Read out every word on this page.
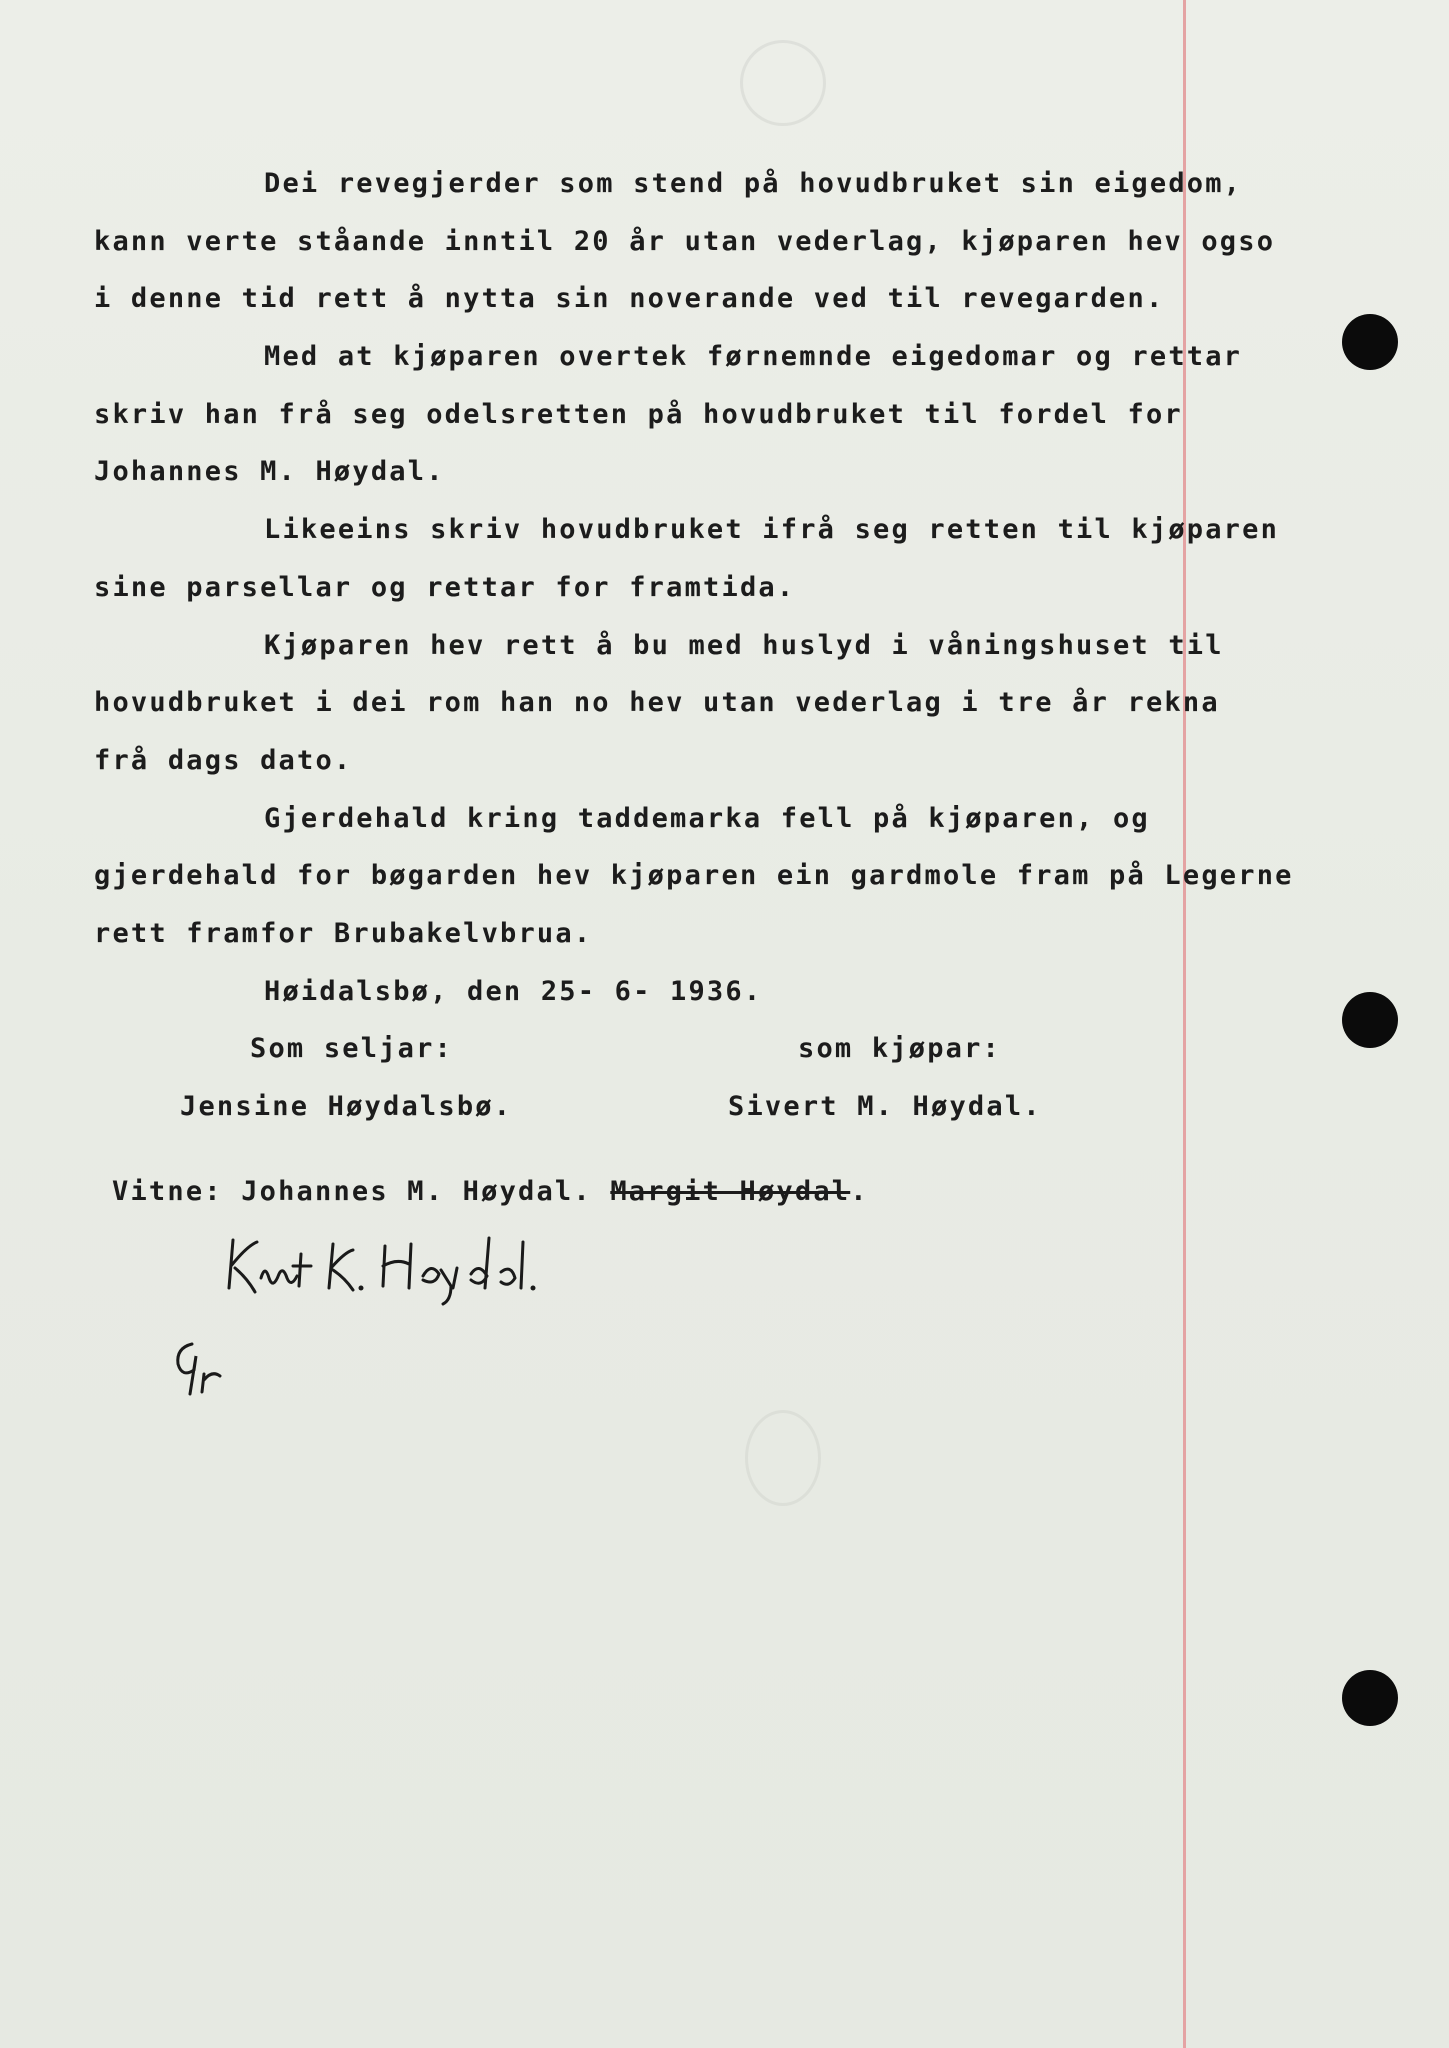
Dei revegjerder som stend på hovudbruket sin eigedom,
kann verte ståande inntil 20 år utan vederlag, kjøparen hev ogso
i denne tid rett å nytta sin noverande ved til revegarden.
Med at kjøparen overtek førnemnde eigedomar og rettar
skriv han frå seg odelsretten på hovudbruket til fordel for
Johannes M. Høydal.
Likeeins skriv hovudbruket ifrå seg retten til kjøparen
sine parsellar og rettar for framtida.
Kjøparen hev rett å bu med huslyd i våningshuset til
hovudbruket i dei rom han no hev utan vederlag i tre år rekna
frå dags dato.
Gjerdehald kring taddemarka fell på kjøparen, og
gjerdehald for bøgarden hev kjøparen ein gardmole fram på Legerne
rett framfor Brubakelvbrua.
Høidalsbø, den 25- 6- 1936.
Som seljar:	som kjøpar:
Jensine Høydalsbø.	Sivert M. Høydal.
Vitne: Johannes M. Høydal. Margit Høydal.
